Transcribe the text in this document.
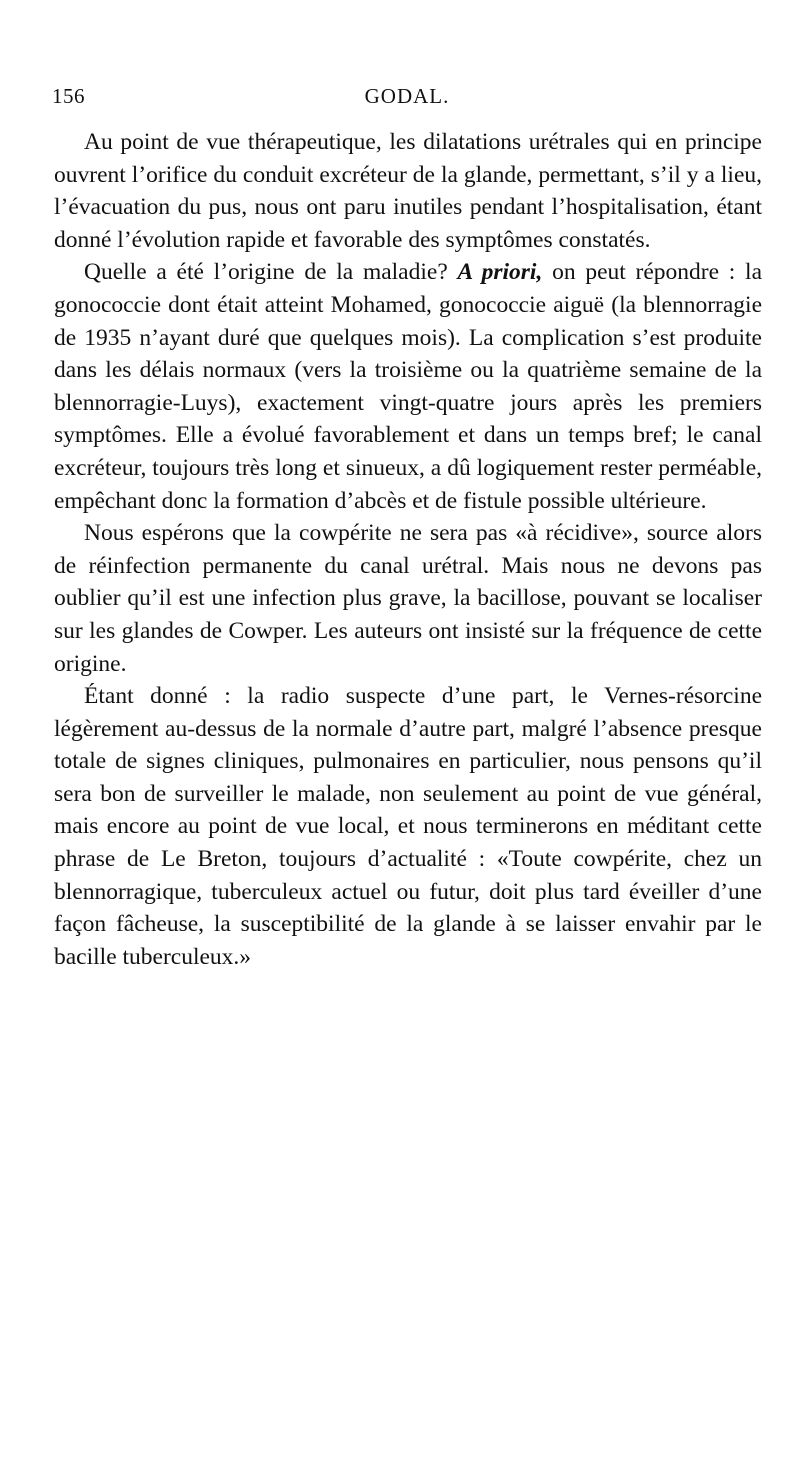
156	GODAL.

Au point de vue thérapeutique, les dilatations urétrales qui en principe ouvrent l’orifice du conduit excréteur de la glande, permettant, s’il y a lieu, l’évacuation du pus, nous ont paru inutiles pendant l’hospitalisation, étant donné l’évolution rapide et favorable des symptômes constatés.

Quelle a été l’origine de la maladie? A priori, on peut répondre : la gonococcie dont était atteint Mohamed, gonococcie aiguë (la blennorragie de 1935 n’ayant duré que quelques mois). La complication s’est produite dans les délais normaux (vers la troisième ou la quatrième semaine de la blennorragie-Luys), exactement vingt-quatre jours après les premiers symptômes. Elle a évolué favorablement et dans un temps bref; le canal excréteur, toujours très long et sinueux, a dû logiquement rester perméable, empêchant donc la formation d’abcès et de fistule possible ultérieure.

Nous espérons que la cowpérite ne sera pas «à récidive», source alors de réinfection permanente du canal urétral. Mais nous ne devons pas oublier qu’il est une infection plus grave, la bacillose, pouvant se localiser sur les glandes de Cowper. Les auteurs ont insisté sur la fréquence de cette origine.

Étant donné : la radio suspecte d’une part, le Vernes-résorcine légèrement au-dessus de la normale d’autre part, malgré l’absence presque totale de signes cliniques, pulmonaires en particulier, nous pensons qu’il sera bon de surveiller le malade, non seulement au point de vue général, mais encore au point de vue local, et nous terminerons en méditant cette phrase de Le Breton, toujours d’actualité : «Toute cowpérite, chez un blennorragique, tuberculeux actuel ou futur, doit plus tard éveiller d’une façon fâcheuse, la susceptibilité de la glande à se laisser envahir par le bacille tuberculeux.»
